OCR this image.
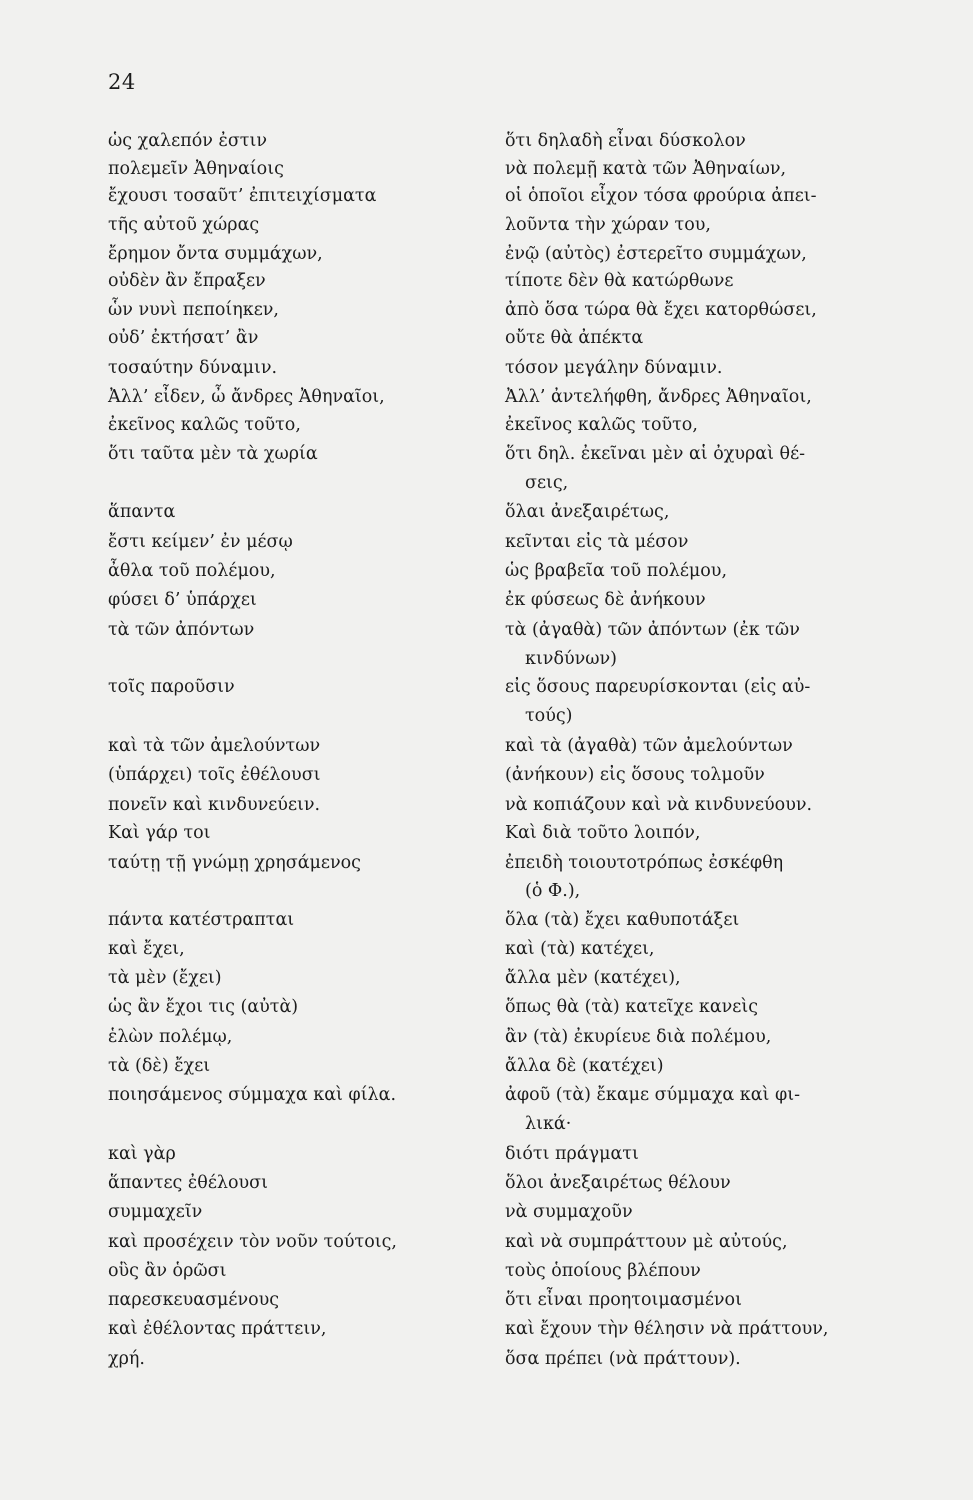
24
ὡς χαλεπόν ἐστιν
πολεμεῖν Ἀθηναίοις
ἔχουσι τοσαῦτ’ ἐπιτειχίσματα
τῆς αὐτοῦ χώρας
ἔρημον ὄντα συμμάχων,
οὐδὲν ἂν ἔπραξεν
ὧν νυνὶ πεποίηκεν,
οὐδ’ ἐκτήσατ’ ἂν
τοσαύτην δύναμιν.
Ἀλλ’ εἶδεν, ὦ ἄνδρες Ἀθηναῖοι,
ἐκεῖνος καλῶς τοῦτο,
ὅτι ταῦτα μὲν τὰ χωρία
ἅπαντα
ἔστι κείμεν’ ἐν μέσῳ
ἆθλα τοῦ πολέμου,
φύσει δ’ ὑπάρχει
τὰ τῶν ἀπόντων
τοῖς παροῦσιν
καὶ τὰ τῶν ἀμελούντων
(ὑπάρχει) τοῖς ἐθέλουσι
πονεῖν καὶ κινδυνεύειν.
Καὶ γάρ τοι
ταύτῃ τῇ γνώμῃ χρησάμενος
πάντα κατέστραπται
καὶ ἔχει,
τὰ μὲν (ἔχει)
ὡς ἂν ἔχοι τις (αὐτὰ)
ἑλὼν πολέμῳ,
τὰ (δὲ) ἔχει
ποιησάμενος σύμμαχα καὶ φίλα.
καὶ γὰρ
ἅπαντες ἐθέλουσι
συμμαχεῖν
καὶ προσέχειν τὸν νοῦν τούτοις,
οὓς ἂν ὁρῶσι
παρεσκευασμένους
καὶ ἐθέλοντας πράττειν,
χρή.
ὅτι δηλαδὴ εἶναι δύσκολον
νὰ πολεμῇ κατὰ τῶν Ἀθηναίων,
οἱ ὁποῖοι εἶχον τόσα φρούρια ἀπει-
λοῦντα τὴν χώραν του,
ἐνῷ (αὐτὸς) ἐστερεῖτο συμμάχων,
τίποτε δὲν θὰ κατώρθωνε
ἀπὸ ὅσα τώρα θὰ ἔχει κατορθώσει,
οὔτε θὰ ἀπέκτα
τόσον μεγάλην δύναμιν.
Ἀλλ’ ἀντελήφθη, ἄνδρες Ἀθηναῖοι,
ἐκεῖνος καλῶς τοῦτο,
ὅτι δηλ. ἐκεῖναι μὲν αἱ ὀχυραὶ θέ-
σεις,
ὅλαι ἀνεξαιρέτως,
κεῖνται εἰς τὰ μέσον
ὡς βραβεῖα τοῦ πολέμου,
ἐκ φύσεως δὲ ἀνήκουν
τὰ (ἀγαθὰ) τῶν ἀπόντων (ἐκ τῶν
κινδύνων)
εἰς ὅσους παρευρίσκονται (εἰς αὐ-
τούς)
καὶ τὰ (ἀγαθὰ) τῶν ἀμελούντων
(ἀνήκουν) εἰς ὅσους τολμοῦν
νὰ κοπιάζουν καὶ νὰ κινδυνεύουν.
Καὶ διὰ τοῦτο λοιπόν,
ἐπειδὴ τοιουτοτρόπως ἐσκέφθη
(ὁ Φ.),
ὅλα (τὰ) ἔχει καθυποτάξει
καὶ (τὰ) κατέχει,
ἄλλα μὲν (κατέχει),
ὅπως θὰ (τὰ) κατεῖχε κανεὶς
ἂν (τὰ) ἐκυρίευε διὰ πολέμου,
ἄλλα δὲ (κατέχει)
ἀφοῦ (τὰ) ἔκαμε σύμμαχα καὶ φι-
λικά·
διότι πράγματι
ὅλοι ἀνεξαιρέτως θέλουν
νὰ συμμαχοῦν
καὶ νὰ συμπράττουν μὲ αὐτούς,
τοὺς ὁποίους βλέπουν
ὅτι εἶναι προητοιμασμένοι
καὶ ἔχουν τὴν θέλησιν νὰ πράττουν,
ὅσα πρέπει (νὰ πράττουν).
